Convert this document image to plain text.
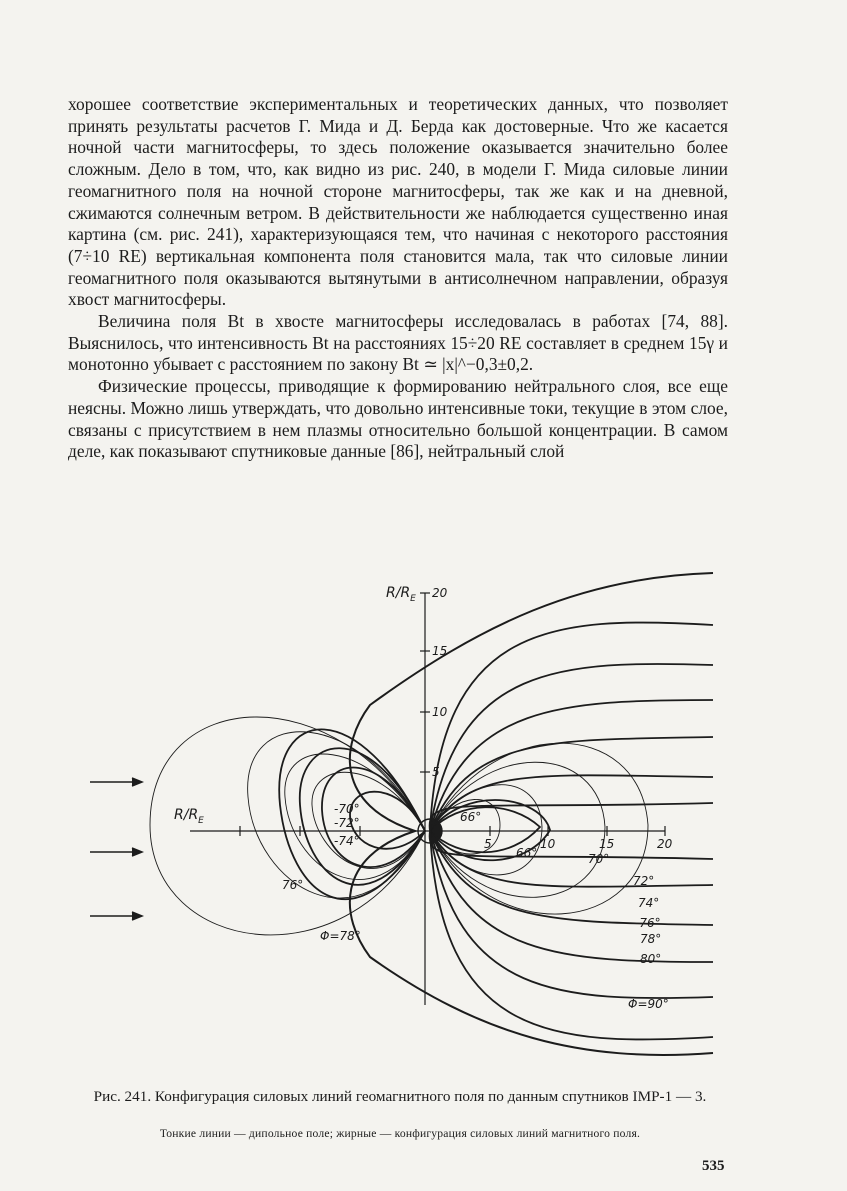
хорошее соответствие экспериментальных и теоретических данных, что позволяет принять результаты расчетов Г. Мида и Д. Берда как достоверные. Что же касается ночной части магнитосферы, то здесь положение оказывается значительно более сложным. Дело в том, что, как видно из рис. 240, в модели Г. Мида силовые линии геомагнитного поля на ночной стороне магнитосферы, так же как и на дневной, сжимаются солнечным ветром. В действительности же наблюдается существенно иная картина (см. рис. 241), характеризующаяся тем, что начиная с некоторого расстояния (7÷10 RE) вертикальная компонента поля становится мала, так что силовые линии геомагнитного поля оказываются вытянутыми в антисолнечном направлении, образуя хвост магнитосферы.

Величина поля Bt в хвосте магнитосферы исследовалась в работах [74, 88]. Выяснилось, что интенсивность Bt на расстояниях 15÷20 RE составляет в среднем 15γ и монотонно убывает с расстоянием по закону Bt ≃ |x|^−0,3±0,2.

Физические процессы, приводящие к формированию нейтрального слоя, все еще неясны. Можно лишь утверждать, что довольно интенсивные токи, текущие в этом слое, связаны с присутствием в нем плазмы относительно большой концентрации. В самом деле, как показывают спутниковые данные [86], нейтральный слой

$R/R_E$
$R/R_E$
20
15
10
5
5	10	15	20
-70°
-72°
-74°
76°
Φ=78°
66°
66°	70°
72°
74°
-76°
78°
80°
Φ=90°
Рис. 241. Конфигурация силовых линий геомагнитного поля по данным спутников IMP-1 — 3.
Тонкие линии — дипольное поле; жирные — конфигурация силовых линий магнитного поля.
535
